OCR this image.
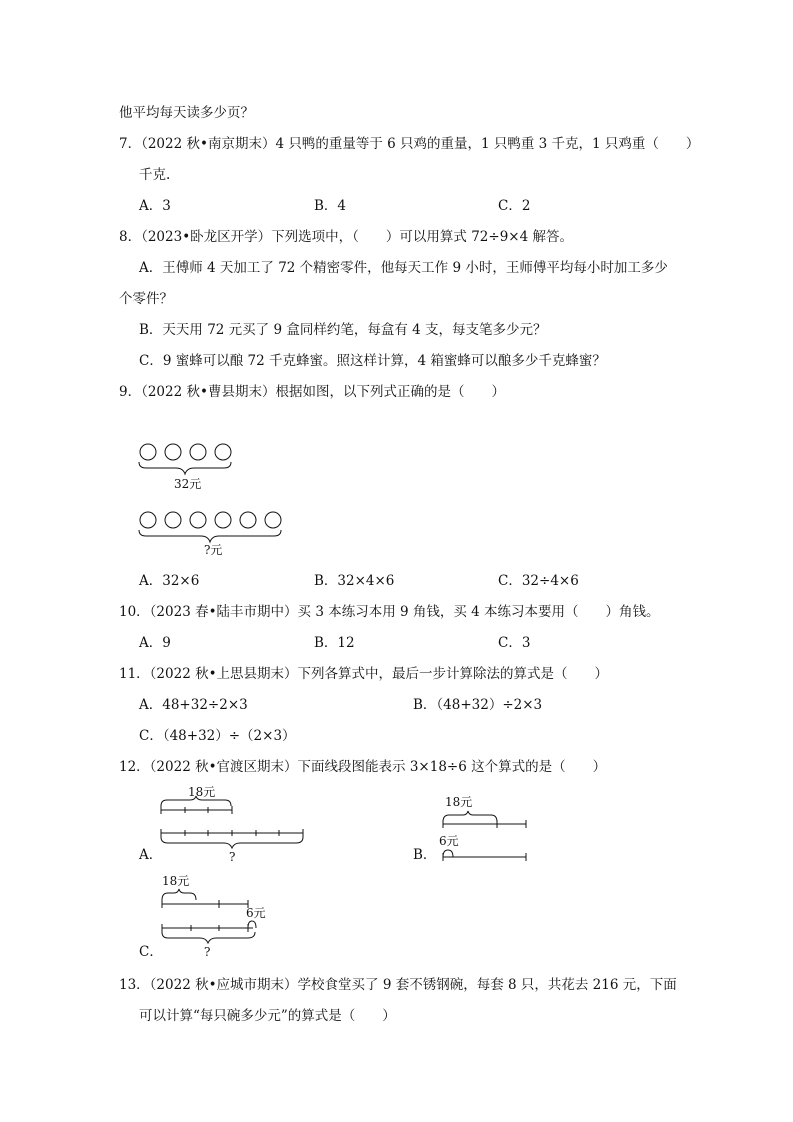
他平均每天读多少页？
7．（2022 秋•南京期末）4 只鸭的重量等于 6 只鸡的重量，1 只鸭重 3 千克，1 只鸡重（　　）
千克.
A．3	B．4	C．2
8．（2023•卧龙区开学）下列选项中，（　　）可以用算式 72÷9×4 解答。
A．王傅师 4 天加工了 72 个精密零件，他每天工作 9 小时，王师傅平均每小时加工多少
个零件？
B．天天用 72 元买了 9 盒同样约笔，每盒有 4 支，每支笔多少元？
C．9 蜜蜂可以酿 72 千克蜂蜜。照这样计算，4 箱蜜蜂可以酿多少千克蜂蜜？
9．（2022 秋•曹县期末）根据如图，以下列式正确的是（　　）
32元
?元
A．32×6	B．32×4×6	C．32÷4×6
10．（2023 春•陆丰市期中）买 3 本练习本用 9 角钱，买 4 本练习本要用（　　）角钱。
A．9	B．12	C．3
11．（2022 秋•上思县期末）下列各算式中，最后一步计算除法的算式是（　　）
A．48+32÷2×3	B．（48+32）÷2×3
C．（48+32）÷（2×3）
12．（2022 秋•官渡区期末）下面线段图能表示 3×18÷6 这个算式的是（　　）
A．
18元
?	B．
18元
6元
C．
18元
6元
?
13．（2022 秋•应城市期末）学校食堂买了 9 套不锈钢碗，每套 8 只，共花去 216 元，下面
可以计算“每只碗多少元”的算式是（　　）
